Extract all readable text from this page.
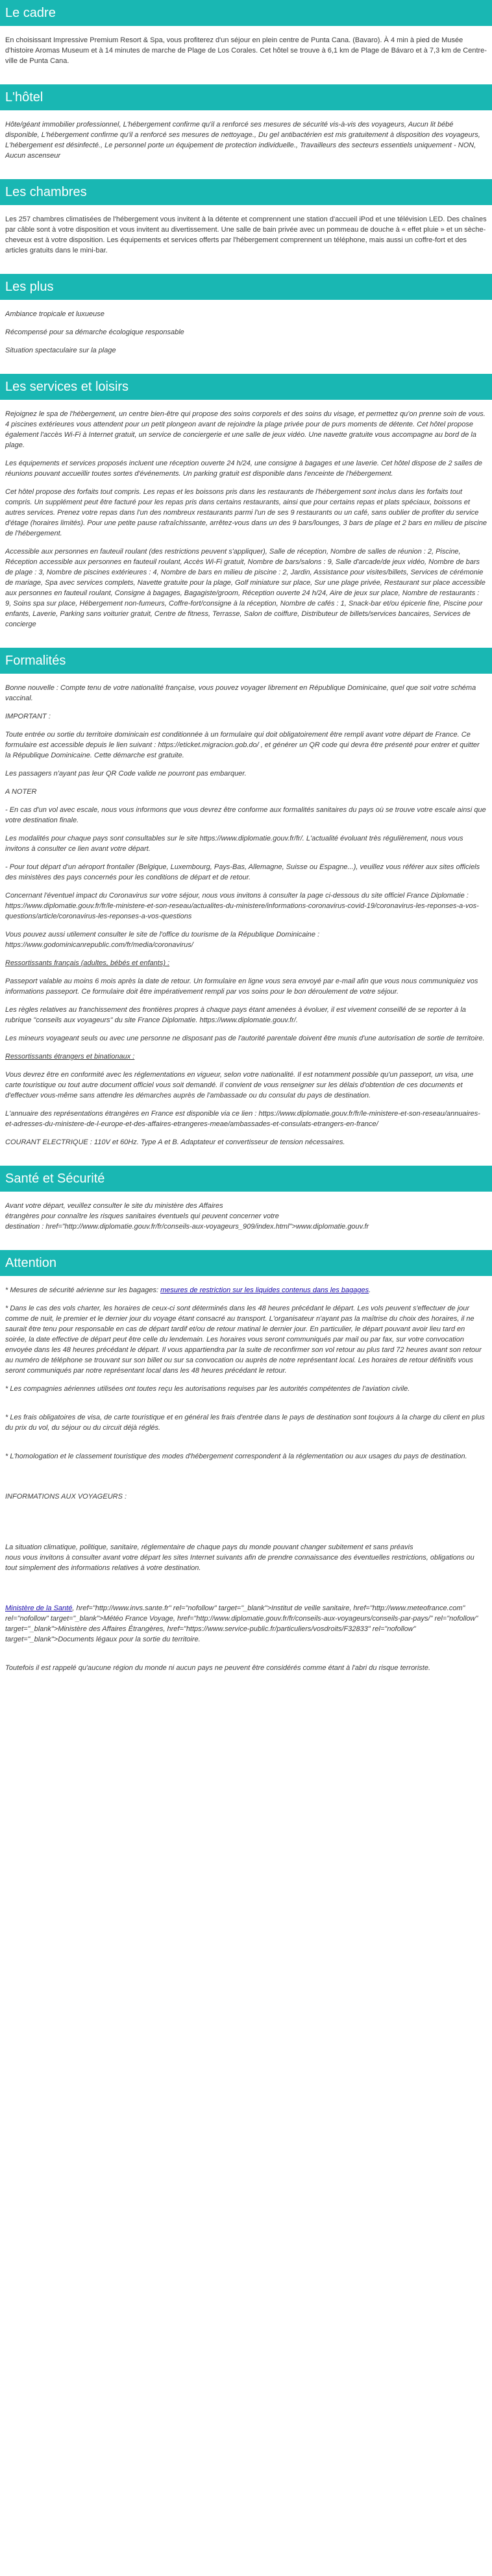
Le cadre

En choisissant Impressive Premium Resort & Spa, vous profiterez d'un séjour en plein centre de Punta Cana. (Bavaro). À 4 min à pied de Musée d'histoire Aromas Museum et à 14 minutes de marche de Plage de Los Corales. Cet hôtel se trouve à 6,1 km de Plage de Bávaro et à 7,3 km de Centre-ville de Punta Cana.

L'hôtel

Hôte/géant immobilier professionnel, L'hébergement confirme qu'il a renforcé ses mesures de sécurité vis-à-vis des voyageurs, Aucun lit bébé disponible, L'hébergement confirme qu'il a renforcé ses mesures de nettoyage., Du gel antibactérien est mis gratuitement à disposition des voyageurs, L'hébergement est désinfecté., Le personnel porte un équipement de protection individuelle., Travailleurs des secteurs essentiels uniquement - NON, Aucun ascenseur

Les chambres

Les 257 chambres climatisées de l'hébergement vous invitent à la détente et comprennent une station d'accueil iPod et une télévision LED. Des chaînes par câble sont à votre disposition et vous invitent au divertissement. Une salle de bain privée avec un pommeau de douche à « effet pluie » et un sèche-cheveux est à votre disposition. Les équipements et services offerts par l'hébergement comprennent un téléphone, mais aussi un coffre-fort et des articles gratuits dans le mini-bar.

Les plus

Ambiance tropicale et luxueuse

Récompensé pour sa démarche écologique responsable

Situation spectaculaire sur la plage

Les services et loisirs

Rejoignez le spa de l'hébergement, un centre bien-être qui propose des soins corporels et des soins du visage, et permettez qu'on prenne soin de vous. 4 piscines extérieures vous attendent pour un petit plongeon avant de rejoindre la plage privée pour de purs moments de détente. Cet hôtel propose également l'accès Wi-Fi à Internet gratuit, un service de conciergerie et une salle de jeux vidéo. Une navette gratuite vous accompagne au bord de la plage.

Les équipements et services proposés incluent une réception ouverte 24 h/24, une consigne à bagages et une laverie. Cet hôtel dispose de 2 salles de réunions pouvant accueillir toutes sortes d'événements. Un parking gratuit est disponible dans l'enceinte de l'hébergement.

Cet hôtel propose des forfaits tout compris. Les repas et les boissons pris dans les restaurants de l'hébergement sont inclus dans les forfaits tout compris. Un supplément peut être facturé pour les repas pris dans certains restaurants, ainsi que pour certains repas et plats spéciaux, boissons et autres services. Prenez votre repas dans l'un des nombreux restaurants parmi l'un de ses 9 restaurants ou un café, sans oublier de profiter du service d'étage (horaires limités). Pour une petite pause rafraîchissante, arrêtez-vous dans un des 9 bars/lounges, 3 bars de plage et 2 bars en milieu de piscine de l'hébergement.

Accessible aux personnes en fauteuil roulant (des restrictions peuvent s'appliquer), Salle de réception, Nombre de salles de réunion : 2, Piscine, Réception accessible aux personnes en fauteuil roulant, Accès Wi-Fi gratuit, Nombre de bars/salons : 9, Salle d'arcade/de jeux vidéo, Nombre de bars de plage : 3, Nombre de piscines extérieures : 4, Nombre de bars en milieu de piscine : 2, Jardin, Assistance pour visites/billets, Services de cérémonie de mariage, Spa avec services complets, Navette gratuite pour la plage, Golf miniature sur place, Sur une plage privée, Restaurant sur place accessible aux personnes en fauteuil roulant, Consigne à bagages, Bagagiste/groom, Réception ouverte 24 h/24, Aire de jeux sur place, Nombre de restaurants : 9, Soins spa sur place, Hébergement non-fumeurs, Coffre-fort/consigne à la réception, Nombre de cafés : 1, Snack-bar et/ou épicerie fine, Piscine pour enfants, Laverie, Parking sans voiturier gratuit, Centre de fitness, Terrasse, Salon de coiffure, Distributeur de billets/services bancaires, Services de concierge

Formalités

Bonne nouvelle : Compte tenu de votre nationalité française, vous pouvez voyager librement en République Dominicaine, quel que soit votre schéma vaccinal.

IMPORTANT :

Toute entrée ou sortie du territoire dominicain est conditionnée à un formulaire qui doit obligatoirement être rempli avant votre départ de France. Ce formulaire est accessible depuis le lien suivant : https://eticket.migracion.gob.do/ , et générer un QR code qui devra être présenté pour entrer et quitter la République Dominicaine. Cette démarche est gratuite.

Les passagers n'ayant pas leur QR Code valide ne pourront pas embarquer.

A NOTER

- En cas d'un vol avec escale, nous vous informons que vous devrez être conforme aux formalités sanitaires du pays où se trouve votre escale ainsi que votre destination finale.

Les modalités pour chaque pays sont consultables sur le site https://www.diplomatie.gouv.fr/fr/. L'actualité évoluant très régulièrement, nous vous invitons à consulter ce lien avant votre départ.

- Pour tout départ d'un aéroport frontalier (Belgique, Luxembourg, Pays-Bas, Allemagne, Suisse ou Espagne...), veuillez vous référer aux sites officiels des ministères des pays concernés pour les conditions de départ et de retour.

Concernant l'éventuel impact du Coronavirus sur votre séjour, nous vous invitons à consulter la page ci-dessous du site officiel France Diplomatie : https://www.diplomatie.gouv.fr/fr/le-ministere-et-son-reseau/actualites-du-ministere/informations-coronavirus-covid-19/coronavirus-les-reponses-a-vos-questions/article/coronavirus-les-reponses-a-vos-questions

Vous pouvez aussi utilement consulter le site de l'office du tourisme de la République Dominicaine : https://www.godominicanrepublic.com/fr/media/coronavirus/

Ressortissants français (adultes, bébés et enfants) :

Passeport valable au moins 6 mois après la date de retour. Un formulaire en ligne vous sera envoyé par e-mail afin que vous nous communiquiez vos informations passeport. Ce formulaire doit être impérativement rempli par vos soins pour le bon déroulement de votre séjour.

Les règles relatives au franchissement des frontières propres à chaque pays étant amenées à évoluer, il est vivement conseillé de se reporter à la rubrique "conseils aux voyageurs" du site France Diplomatie. https://www.diplomatie.gouv.fr/.

Les mineurs voyageant seuls ou avec une personne ne disposant pas de l'autorité parentale doivent être munis d'une autorisation de sortie de territoire.

Ressortissants étrangers et binationaux :

Vous devrez être en conformité avec les réglementations en vigueur, selon votre nationalité. Il est notamment possible qu'un passeport, un visa, une carte touristique ou tout autre document officiel vous soit demandé. Il convient de vous renseigner sur les délais d'obtention de ces documents et d'effectuer vous-même sans attendre les démarches auprès de l'ambassade ou du consulat du pays de destination.

L'annuaire des représentations étrangères en France est disponible via ce lien : https://www.diplomatie.gouv.fr/fr/le-ministere-et-son-reseau/annuaires-et-adresses-du-ministere-de-l-europe-et-des-affaires-etrangeres-meae/ambassades-et-consulats-etrangers-en-france/

COURANT ELECTRIQUE : 110V et 60Hz. Type A et B. Adaptateur et convertisseur de tension nécessaires.

Santé et Sécurité

Avant votre départ, veuillez consulter le site du ministère des Affaires
étrangères pour connaître les risques sanitaires éventuels qui peuvent concerner votre
destination : href="http://www.diplomatie.gouv.fr/fr/conseils-aux-voyageurs_909/index.html">www.diplomatie.gouv.fr

Attention

* Mesures de sécurité aérienne sur les bagages: mesures de restriction sur les liquides contenus dans les bagages.

* Dans le cas des vols charter, les horaires de ceux-ci sont déterminés dans les 48 heures précédant le départ. Les vols peuvent s'effectuer de jour comme de nuit, le premier et le dernier jour du voyage étant consacré au transport. L'organisateur n'ayant pas la maîtrise du choix des horaires, il ne saurait être tenu pour responsable en cas de départ tardif et/ou de retour matinal le dernier jour. En particulier, le départ pouvant avoir lieu tard en soirée, la date effective de départ peut être celle du lendemain. Les horaires vous seront communiqués par mail ou par fax, sur votre convocation envoyée dans les 48 heures précédant le départ. Il vous appartiendra par la suite de reconfirmer son vol retour au plus tard 72 heures avant son retour au numéro de téléphone se trouvant sur son billet ou sur sa convocation ou auprès de notre représentant local. Les horaires de retour définitifs vous seront communiqués par notre représentant local dans les 48 heures précédant le retour.

* Les compagnies aériennes utilisées ont toutes reçu les autorisations requises par les autorités compétentes de l'aviation civile.

* Les frais obligatoires de visa, de carte touristique et en général les frais d'entrée dans le pays de destination sont toujours à la charge du client en plus du prix du vol, du séjour ou du circuit déjà réglés.

* L'homologation et le classement touristique des modes d'hébergement correspondent à la réglementation ou aux usages du pays de destination.

INFORMATIONS AUX VOYAGEURS :

La situation climatique, politique, sanitaire, réglementaire de chaque pays du monde pouvant changer subitement et sans préavis
nous vous invitons à consulter avant votre départ les sites Internet suivants afin de prendre connaissance des éventuelles restrictions, obligations ou tout simplement des informations relatives à votre destination.

Ministère de la Santé, href="http://www.invs.sante.fr" rel="nofollow" target="_blank">Institut de veille sanitaire, href="http://www.meteofrance.com" rel="nofollow" target="_blank">Météo France Voyage, href="http://www.diplomatie.gouv.fr/fr/conseils-aux-voyageurs/conseils-par-pays/" rel="nofollow" target="_blank">Ministère des Affaires Étrangères, href="https://www.service-public.fr/particuliers/vosdroits/F32833" rel="nofollow" target="_blank">Documents légaux pour la sortie du territoire.

Toutefois il est rappelé qu'aucune région du monde ni aucun pays ne peuvent être considérés comme étant à l'abri du risque terroriste.
